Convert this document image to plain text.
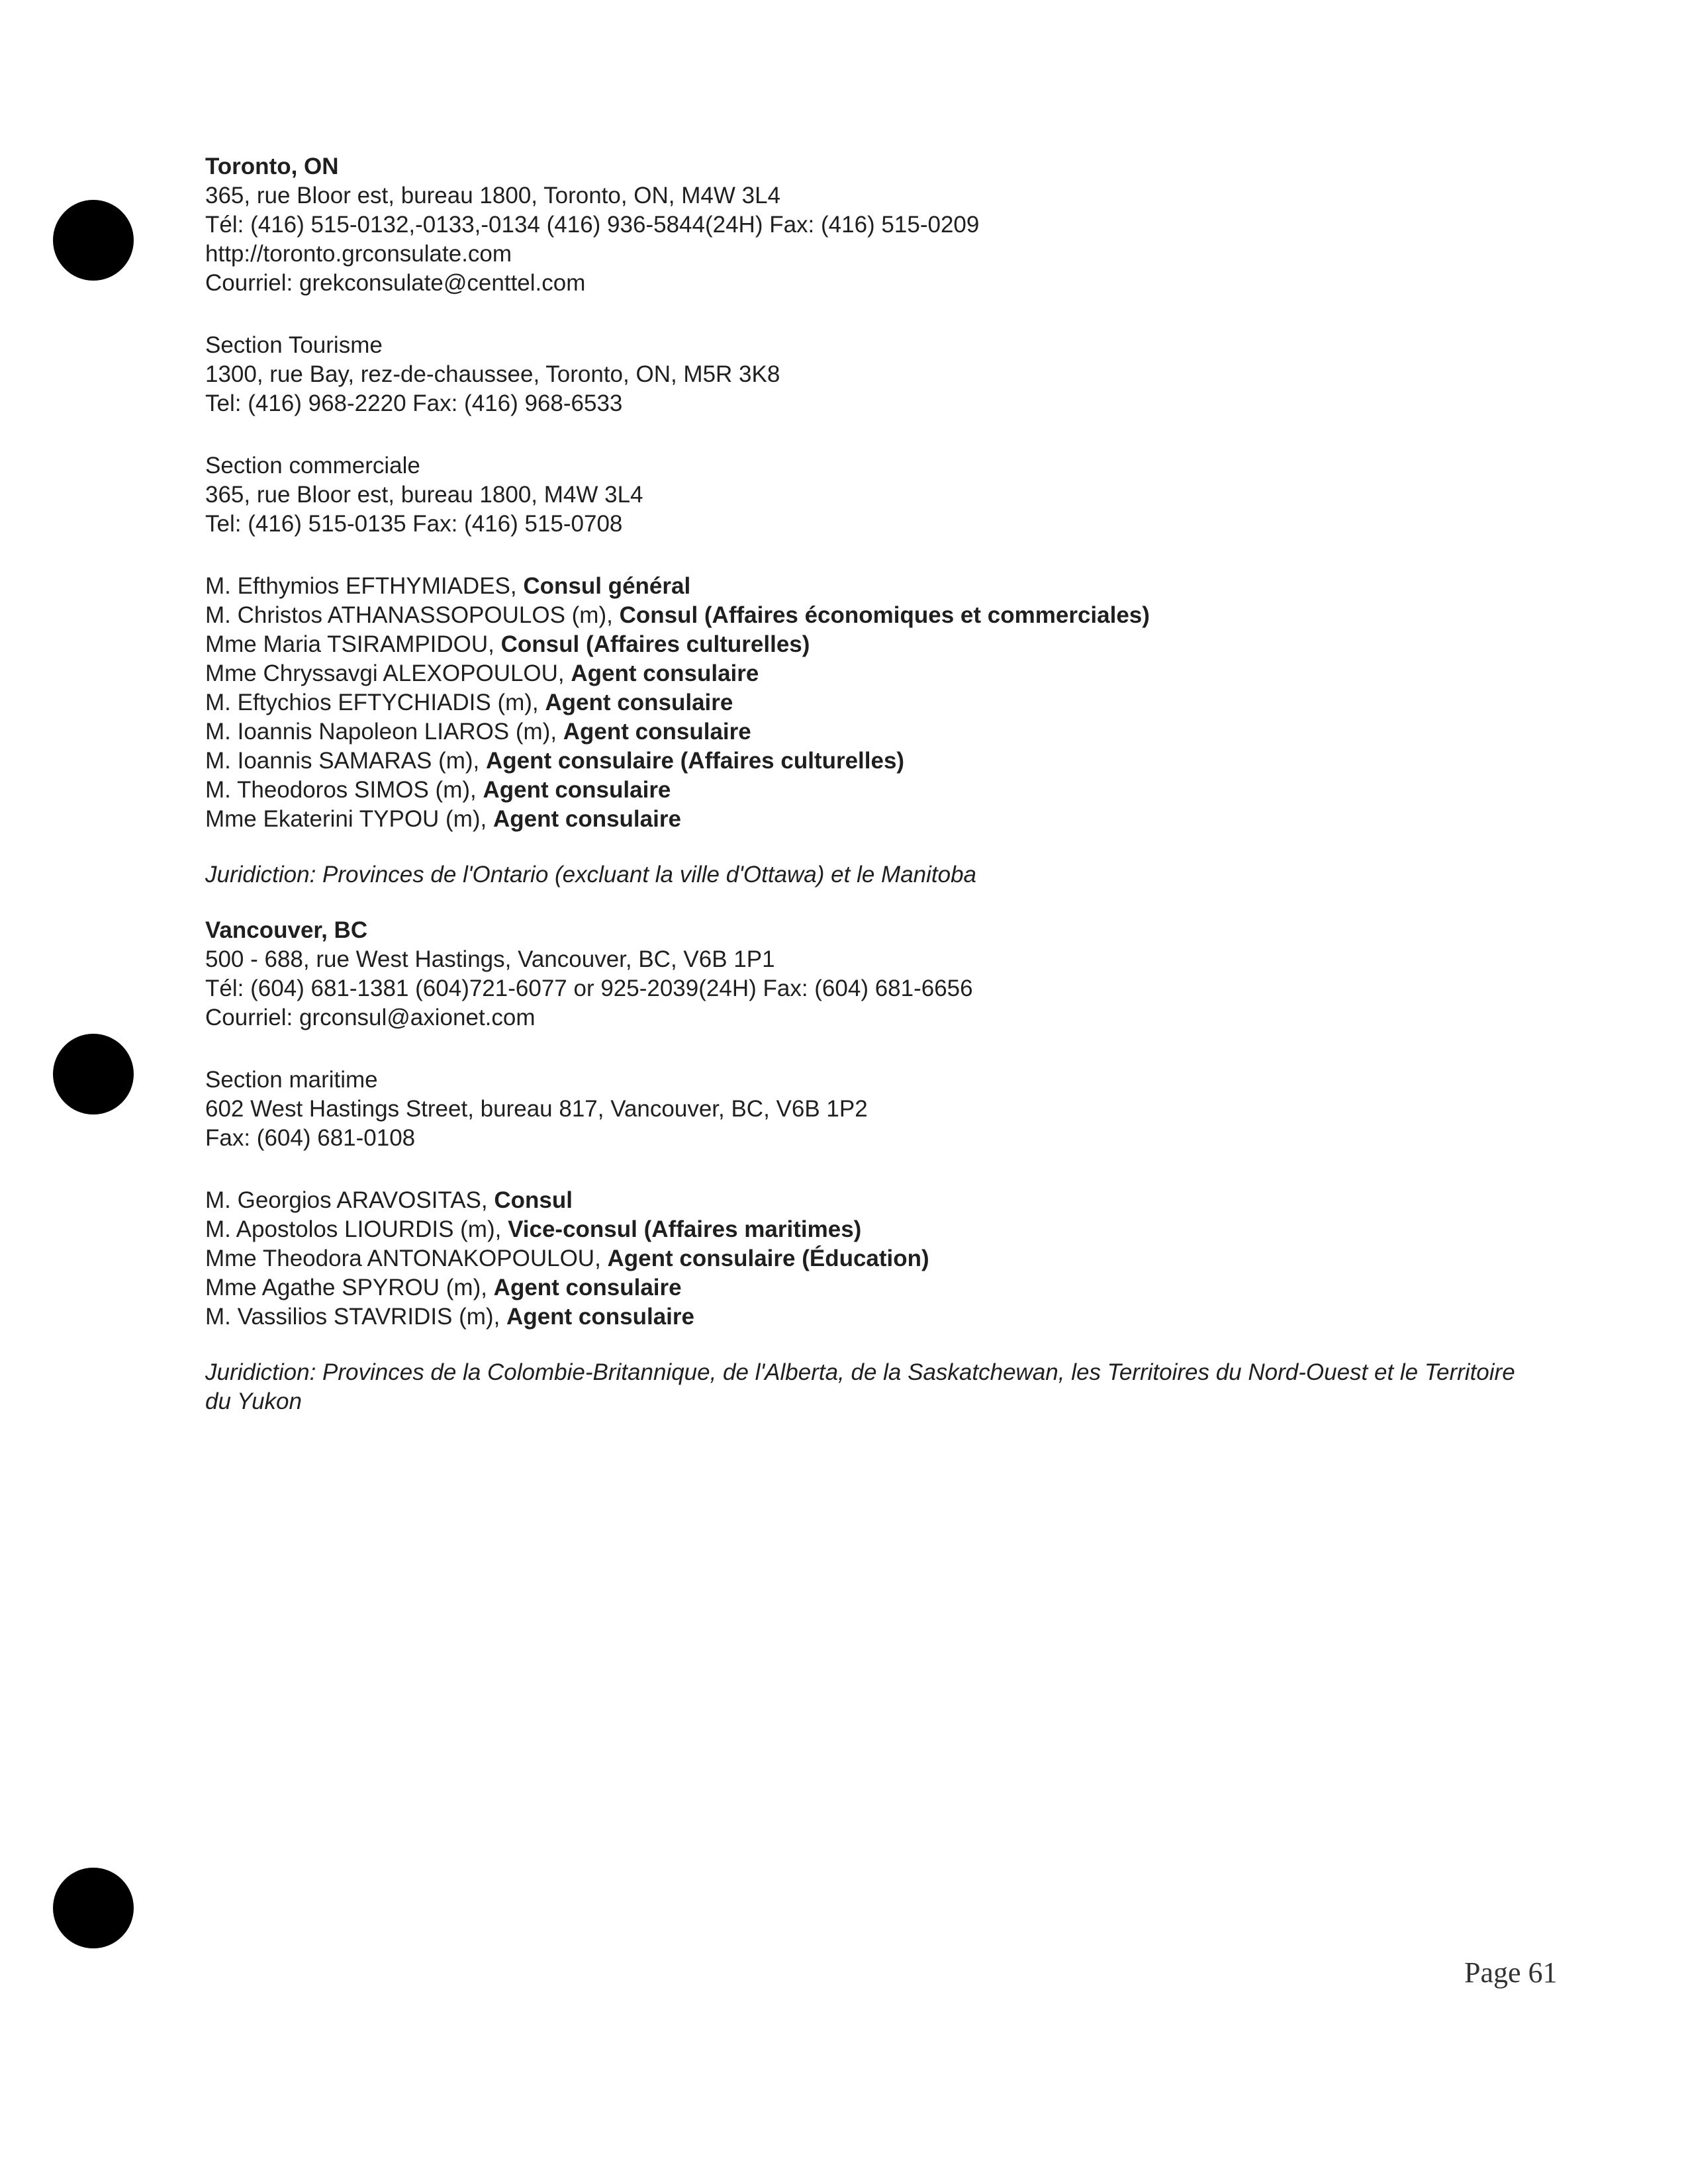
Toronto, ON
365, rue Bloor est, bureau 1800, Toronto, ON, M4W 3L4
Tél: (416) 515-0132,-0133,-0134 (416) 936-5844(24H) Fax: (416) 515-0209
http://toronto.grconsulate.com
Courriel: grekconsulate@centtel.com
Section Tourisme
1300, rue Bay, rez-de-chaussee, Toronto, ON, M5R 3K8
Tel: (416) 968-2220 Fax: (416) 968-6533
Section commerciale
365, rue Bloor est, bureau 1800, M4W 3L4
Tel: (416) 515-0135 Fax: (416) 515-0708
M. Efthymios EFTHYMIADES, Consul général
M. Christos ATHANASSOPOULOS (m), Consul (Affaires économiques et commerciales)
Mme Maria TSIRAMPIDOU, Consul (Affaires culturelles)
Mme Chryssavgi ALEXOPOULOU, Agent consulaire
M. Eftychios EFTYCHIADIS (m), Agent consulaire
M. Ioannis Napoleon LIAROS (m), Agent consulaire
M. Ioannis SAMARAS (m), Agent consulaire (Affaires culturelles)
M. Theodoros SIMOS (m), Agent consulaire
Mme Ekaterini TYPOU (m), Agent consulaire
Juridiction: Provinces de l'Ontario (excluant la ville d'Ottawa) et le Manitoba
Vancouver, BC
500 - 688, rue West Hastings, Vancouver, BC, V6B 1P1
Tél: (604) 681-1381 (604)721-6077 or 925-2039(24H) Fax: (604) 681-6656
Courriel: grconsul@axionet.com
Section maritime
602 West Hastings Street, bureau 817, Vancouver, BC, V6B 1P2
Fax: (604) 681-0108
M. Georgios ARAVOSITAS, Consul
M. Apostolos LIOURDIS (m), Vice-consul (Affaires maritimes)
Mme Theodora ANTONAKOPOULOU, Agent consulaire (Éducation)
Mme Agathe SPYROU (m), Agent consulaire
M. Vassilios STAVRIDIS (m), Agent consulaire
Juridiction: Provinces de la Colombie-Britannique, de l'Alberta, de la Saskatchewan, les Territoires du Nord-Ouest et le Territoire du Yukon
Page 61
